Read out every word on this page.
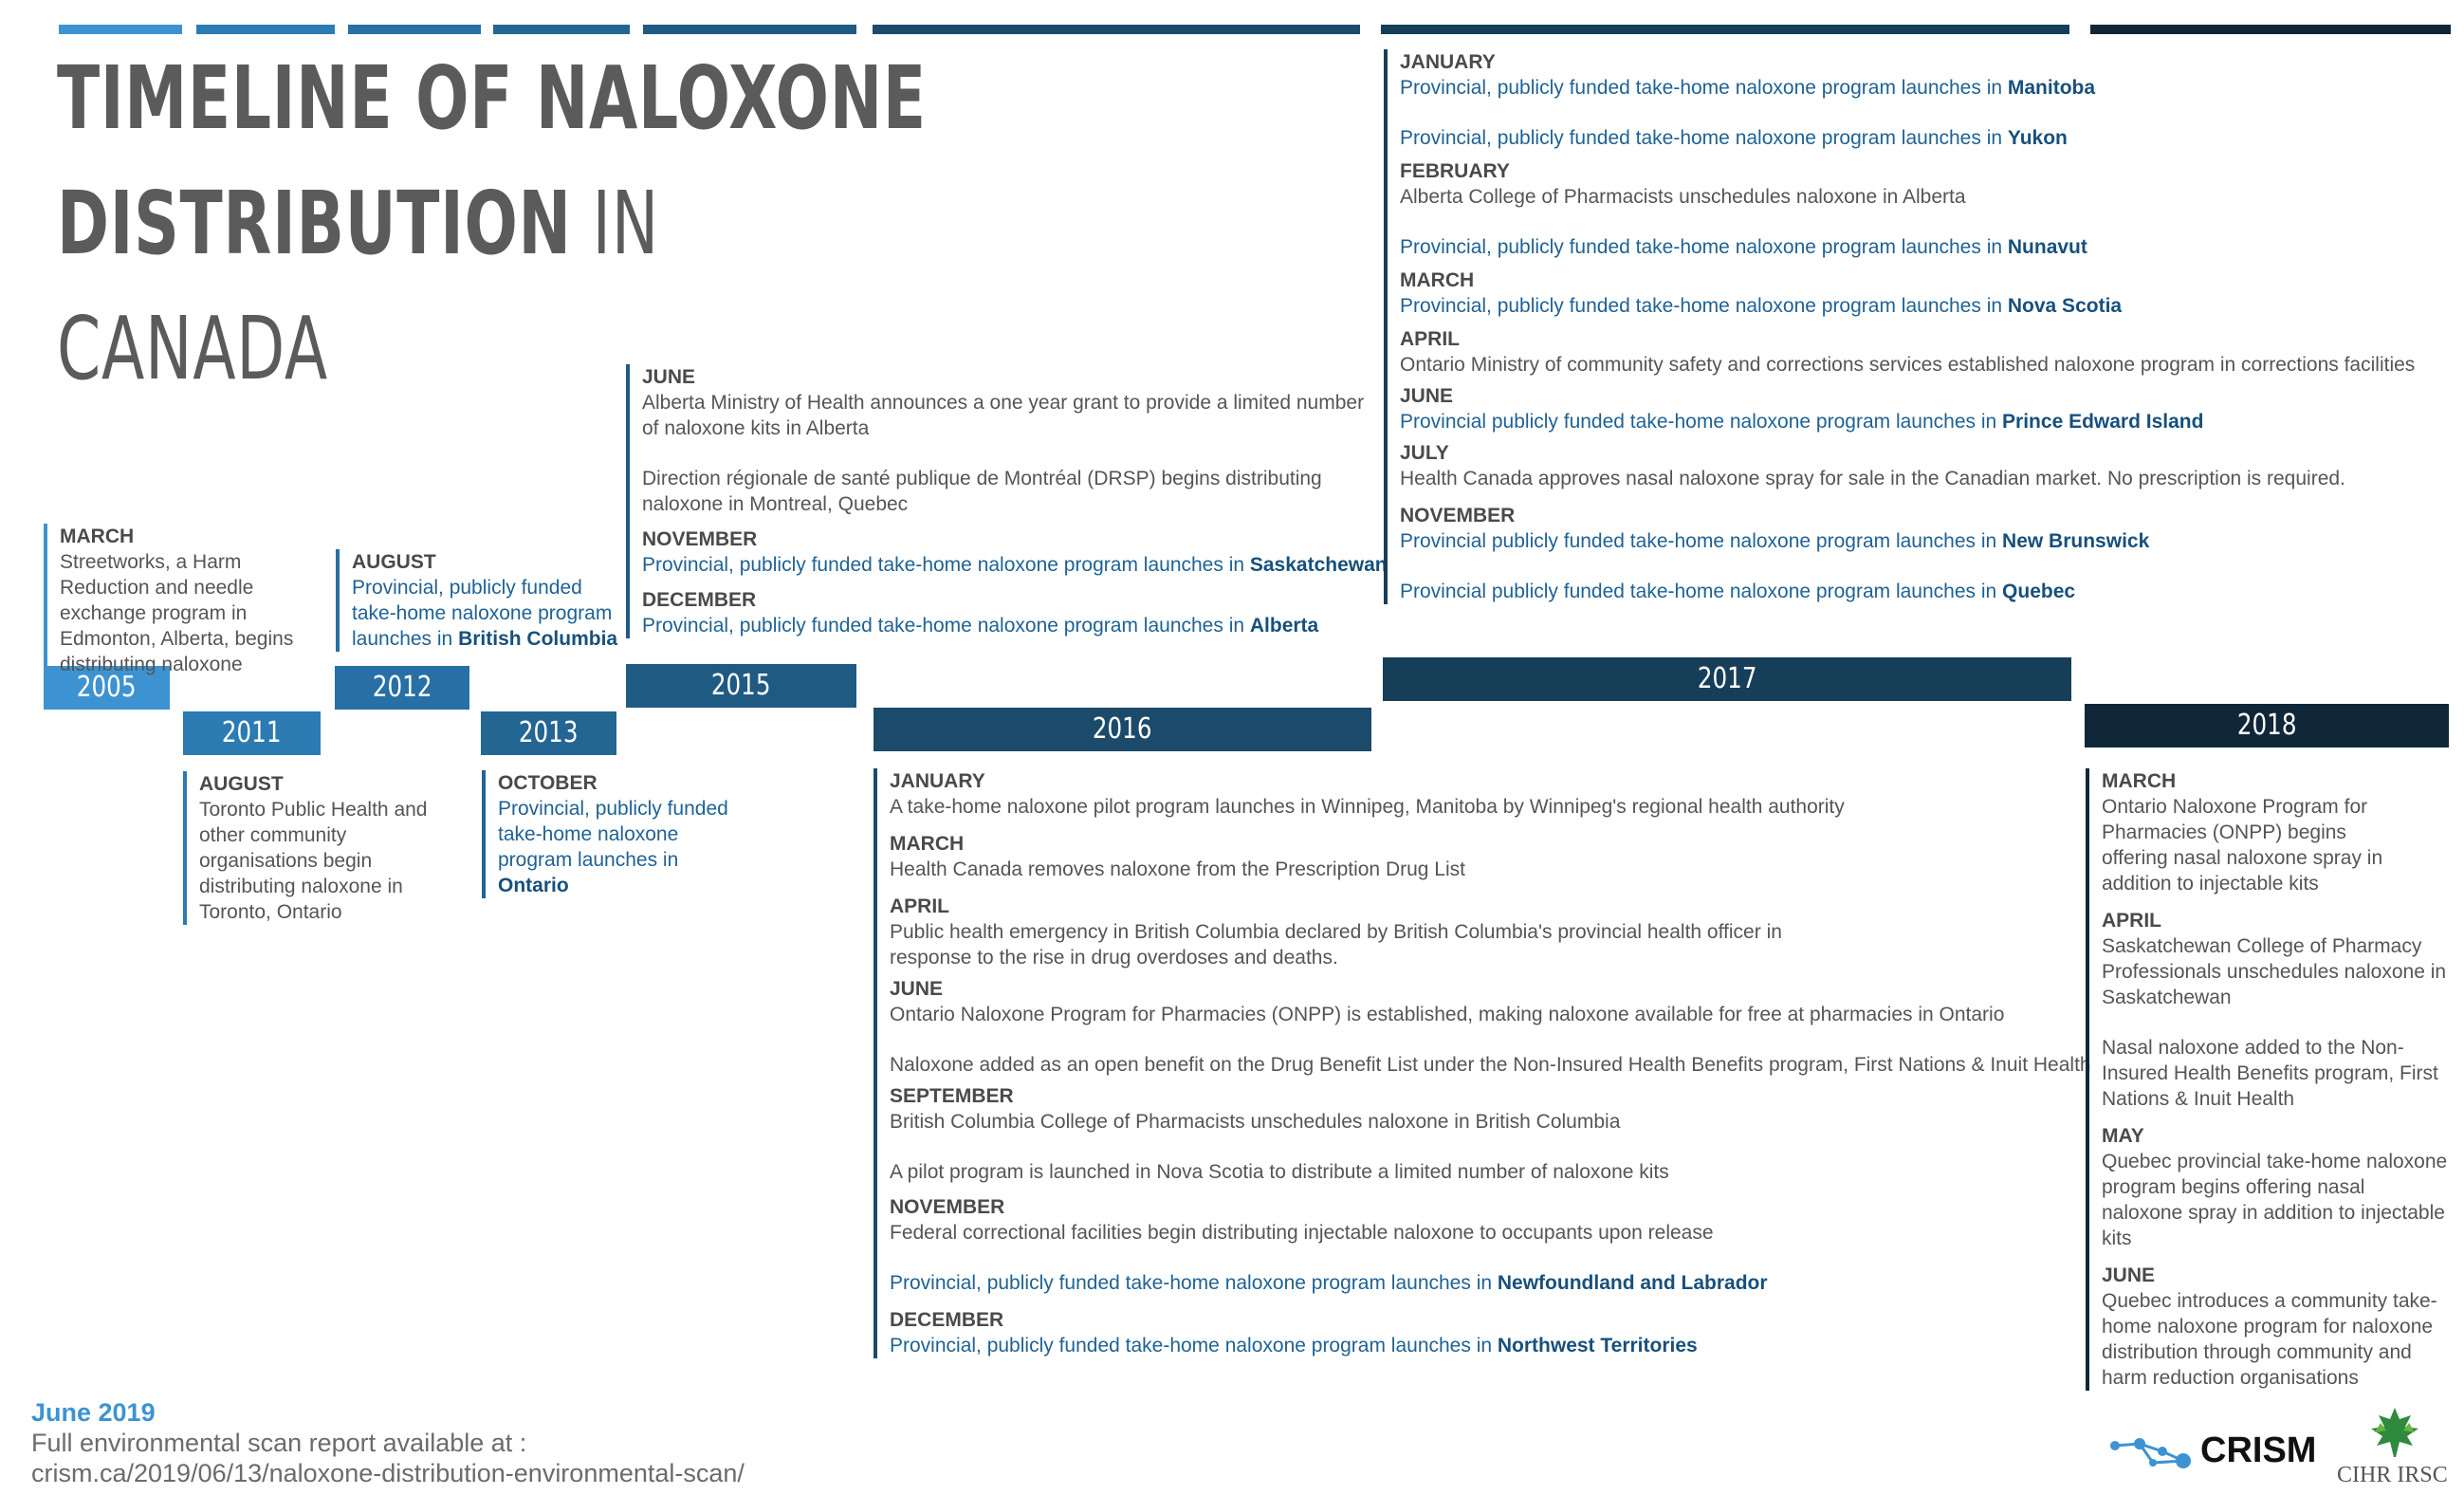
TIMELINE OF NALOXONE
DISTRIBUTION IN
CANADA
2005
2011
2012
2013
2015
2016
2017
2018
MARCH
Streetworks, a Harm Reduction and needle exchange program in Edmonton, Alberta, begins distributing naloxone
AUGUST
Toronto Public Health and other community organisations begin distributing naloxone in Toronto, Ontario
AUGUST
Provincial, publicly funded take-home naloxone program launches in British Columbia
OCTOBER
Provincial, publicly funded take-home naloxone program launches in Ontario
JUNE
Alberta Ministry of Health announces a one year grant to provide a limited number of naloxone kits in Alberta
Direction régionale de santé publique de Montréal (DRSP) begins distributing naloxone in Montreal, Quebec
NOVEMBER
Provincial, publicly funded take-home naloxone program launches in Saskatchewan
DECEMBER
Provincial, publicly funded take-home naloxone program launches in Alberta
JANUARY
A take-home naloxone pilot program launches in Winnipeg, Manitoba by Winnipeg's regional health authority
MARCH
Health Canada removes naloxone from the Prescription Drug List
APRIL
Public health emergency in British Columbia declared by British Columbia's provincial health officer in response to the rise in drug overdoses and deaths.
JUNE
Ontario Naloxone Program for Pharmacies (ONPP) is established, making naloxone available for free at pharmacies in Ontario
Naloxone added as an open benefit on the Drug Benefit List under the Non-Insured Health Benefits program, First Nations & Inuit Health
SEPTEMBER
British Columbia College of Pharmacists unschedules naloxone in British Columbia
A pilot program is launched in Nova Scotia to distribute a limited number of naloxone kits
NOVEMBER
Federal correctional facilities begin distributing injectable naloxone to occupants upon release
Provincial, publicly funded take-home naloxone program launches in Newfoundland and Labrador
DECEMBER
Provincial, publicly funded take-home naloxone program launches in Northwest Territories
JANUARY
Provincial, publicly funded take-home naloxone program launches in Manitoba
Provincial, publicly funded take-home naloxone program launches in Yukon
FEBRUARY
Alberta College of Pharmacists unschedules naloxone in Alberta
Provincial, publicly funded take-home naloxone program launches in Nunavut
MARCH
Provincial, publicly funded take-home naloxone program launches in Nova Scotia
APRIL
Ontario Ministry of community safety and corrections services established naloxone program in corrections facilities
JUNE
Provincial publicly funded take-home naloxone program launches in Prince Edward Island
JULY
Health Canada approves nasal naloxone spray for sale in the Canadian market. No prescription is required.
NOVEMBER
Provincial publicly funded take-home naloxone program launches in New Brunswick
Provincial publicly funded take-home naloxone program launches in Quebec
MARCH
Ontario Naloxone Program for Pharmacies (ONPP) begins offering nasal naloxone spray in addition to injectable kits
APRIL
Saskatchewan College of Pharmacy Professionals unschedules naloxone in Saskatchewan
Nasal naloxone added to the Non-Insured Health Benefits program, First Nations & Inuit Health
MAY
Quebec provincial take-home naloxone program begins offering nasal naloxone spray in addition to injectable kits
JUNE
Quebec introduces a community take-home naloxone program for naloxone distribution through community and harm reduction organisations
June 2019
Full environmental scan report available at :
crism.ca/2019/06/13/naloxone-distribution-environmental-scan/
CRISM
CIHR IRSC
